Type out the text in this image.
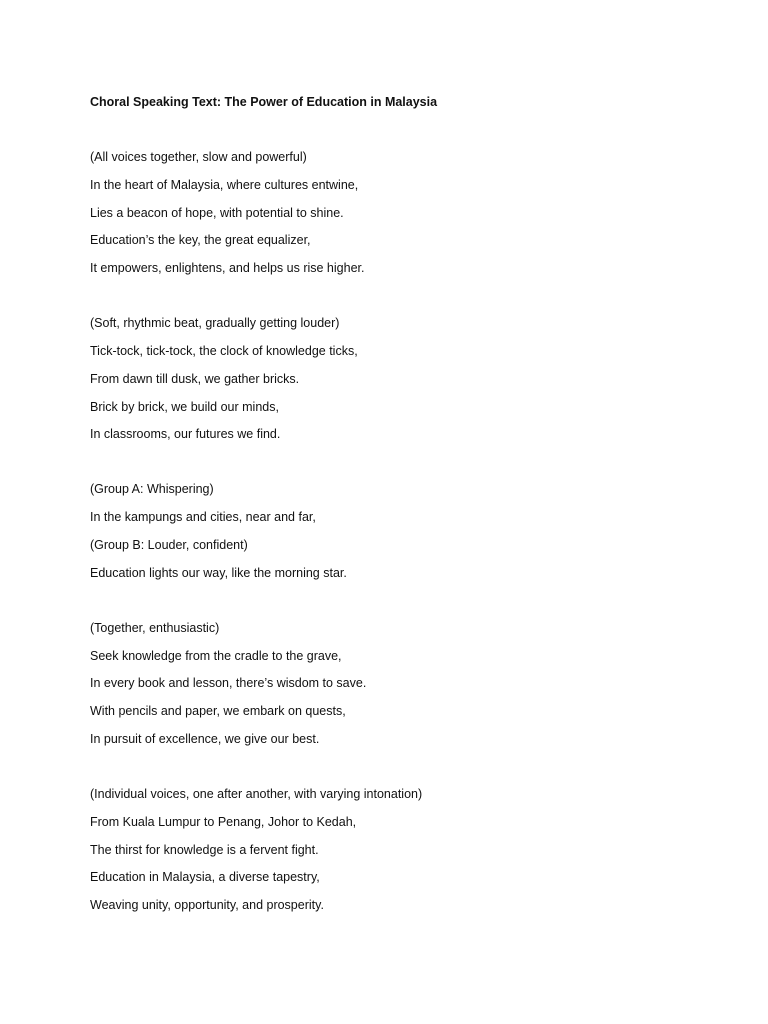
Choral Speaking Text: The Power of Education in Malaysia

(All voices together, slow and powerful)

In the heart of Malaysia, where cultures entwine,

Lies a beacon of hope, with potential to shine.

Education’s the key, the great equalizer,

It empowers, enlightens, and helps us rise higher.

(Soft, rhythmic beat, gradually getting louder)

Tick-tock, tick-tock, the clock of knowledge ticks,

From dawn till dusk, we gather bricks.

Brick by brick, we build our minds,

In classrooms, our futures we find.

(Group A: Whispering)

In the kampungs and cities, near and far,

(Group B: Louder, confident)

Education lights our way, like the morning star.

(Together, enthusiastic)

Seek knowledge from the cradle to the grave,

In every book and lesson, there’s wisdom to save.

With pencils and paper, we embark on quests,

In pursuit of excellence, we give our best.

(Individual voices, one after another, with varying intonation)

From Kuala Lumpur to Penang, Johor to Kedah,

The thirst for knowledge is a fervent fight.

Education in Malaysia, a diverse tapestry,

Weaving unity, opportunity, and prosperity.
